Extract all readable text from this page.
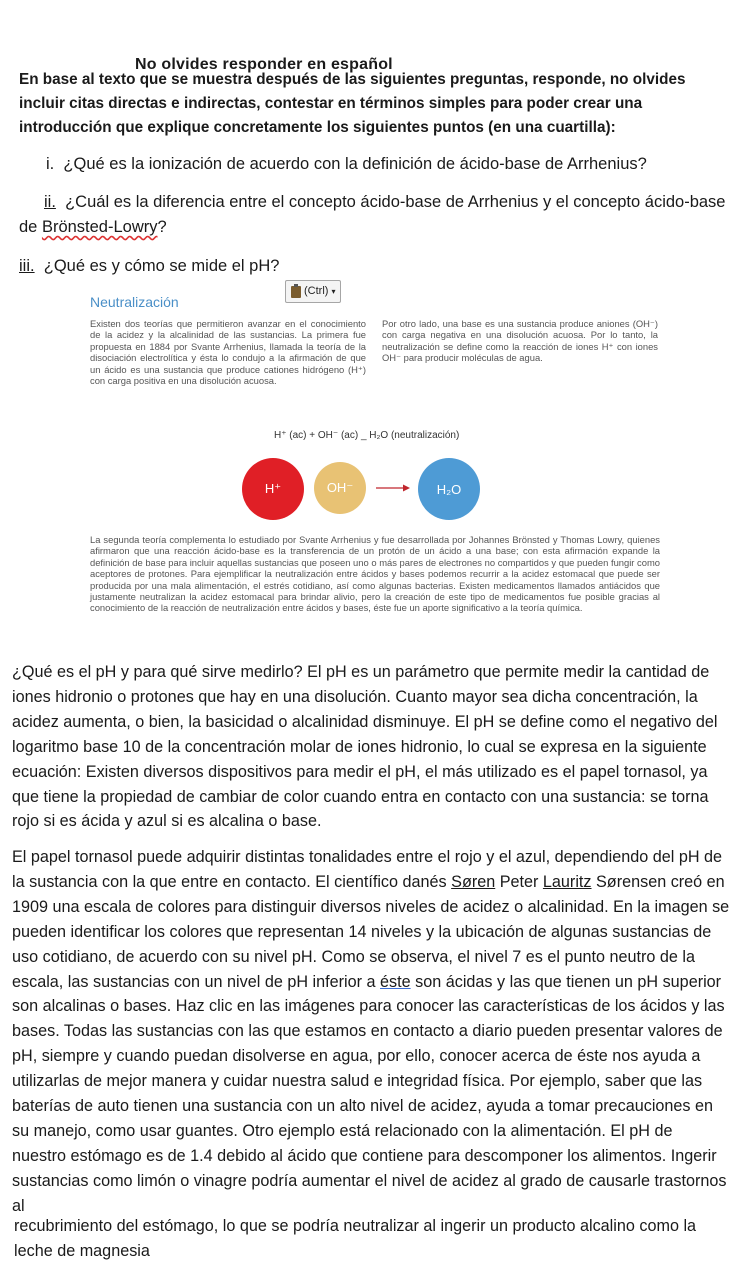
No olvides responder en español
En base al texto que se muestra después de las siguientes preguntas, responde, no olvides incluir citas directas e indirectas, contestar en términos simples para poder crear una introducción que explique concretamente los siguientes puntos (en una cuartilla):
i. ¿Qué es la ionización de acuerdo con la definición de ácido-base de Arrhenius?
ii. ¿Cuál es la diferencia entre el concepto ácido-base de Arrhenius y el concepto ácido-base de Brönsted-Lowry?
iii. ¿Qué es y cómo se mide el pH?
(Ctrl) ▾
Neutralización
Existen dos teorías que permitieron avanzar en el conocimiento de la acidez y la alcalinidad de las sustancias. La primera fue propuesta en 1884 por Svante Arrhenius, llamada la teoría de la disociación electrolítica y ésta lo condujo a la afirmación de que un ácido es una sustancia que produce cationes hidrógeno (H⁺) con carga positiva en una disolución acuosa.
Por otro lado, una base es una sustancia produce aniones (OH⁻) con carga negativa en una disolución acuosa. Por lo tanto, la neutralización se define como la reacción de iones H⁺ con iones OH⁻ para producir moléculas de agua.
H⁺ (ac) + OH⁻ (ac) _ H₂O (neutralización)
H⁺	OH⁻	→	H₂O
La segunda teoría complementa lo estudiado por Svante Arrhenius y fue desarrollada por Johannes Brönsted y Thomas Lowry, quienes afirmaron que una reacción ácido-base es la transferencia de un protón de un ácido a una base; con esta afirmación expande la definición de base para incluir aquellas sustancias que poseen uno o más pares de electrones no compartidos y que pueden fungir como aceptores de protones. Para ejemplificar la neutralización entre ácidos y bases podemos recurrir a la acidez estomacal que puede ser producida por una mala alimentación, el estrés cotidiano, así como algunas bacterias. Existen medicamentos llamados antiácidos que justamente neutralizan la acidez estomacal para brindar alivio, pero la creación de este tipo de medicamentos fue posible gracias al conocimiento de la reacción de neutralización entre ácidos y bases, éste fue un aporte significativo a la teoría química.
¿Qué es el pH y para qué sirve medirlo? El pH es un parámetro que permite medir la cantidad de iones hidronio o protones que hay en una disolución. Cuanto mayor sea dicha concentración, la acidez aumenta, o bien, la basicidad o alcalinidad disminuye. El pH se define como el negativo del logaritmo base 10 de la concentración molar de iones hidronio, lo cual se expresa en la siguiente ecuación: Existen diversos dispositivos para medir el pH, el más utilizado es el papel tornasol, ya que tiene la propiedad de cambiar de color cuando entra en contacto con una sustancia: se torna rojo si es ácida y azul si es alcalina o base.
El papel tornasol puede adquirir distintas tonalidades entre el rojo y el azul, dependiendo del pH de la sustancia con la que entre en contacto. El científico danés Søren Peter Lauritz Sørensen creó en 1909 una escala de colores para distinguir diversos niveles de acidez o alcalinidad. En la imagen se pueden identificar los colores que representan 14 niveles y la ubicación de algunas sustancias de uso cotidiano, de acuerdo con su nivel pH. Como se observa, el nivel 7 es el punto neutro de la escala, las sustancias con un nivel de pH inferior a éste son ácidas y las que tienen un pH superior son alcalinas o bases. Haz clic en las imágenes para conocer las características de los ácidos y las bases. Todas las sustancias con las que estamos en contacto a diario pueden presentar valores de pH, siempre y cuando puedan disolverse en agua, por ello, conocer acerca de éste nos ayuda a utilizarlas de mejor manera y cuidar nuestra salud e integridad física. Por ejemplo, saber que las baterías de auto tienen una sustancia con un alto nivel de acidez, ayuda a tomar precauciones en su manejo, como usar guantes. Otro ejemplo está relacionado con la alimentación. El pH de nuestro estómago es de 1.4 debido al ácido que contiene para descomponer los alimentos. Ingerir sustancias como limón o vinagre podría aumentar el nivel de acidez al grado de causarle trastornos al
recubrimiento del estómago, lo que se podría neutralizar al ingerir un producto alcalino como la leche de magnesia
